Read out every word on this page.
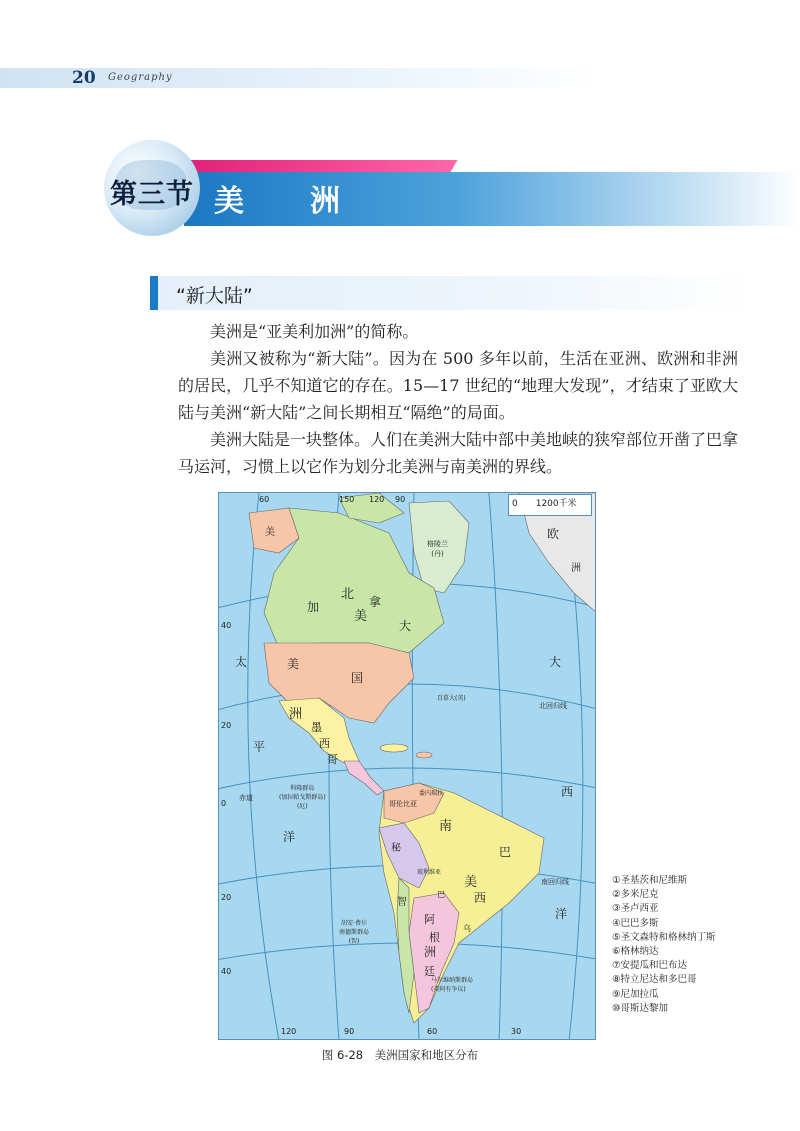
20 Geography
第三节 美　洲
“新大陆”

美洲是“亚美利加洲”的简称。

美洲又被称为“新大陆”。因为在 500 多年以前，生活在亚洲、欧洲和非洲的居民，几乎不知道它的存在。15—17 世纪的“地理大发现”，才结束了亚欧大陆与美洲“新大陆”之间长期相互“隔绝”的局面。

美洲大陆是一块整体。人们在美洲大陆中部中美地峡的狭窄部位开凿了巴拿马运河，习惯上以它作为划分北美洲与南美洲的界线。

北
美
洲
加	拿
大
美
国
太
平
洋
大
西
洋
南
美
洲
巴
西
阿
根
廷
墨
西
哥
欧
洲
美
格陵兰
(丹)
百慕大(英)
科隆群岛
(加拉帕戈斯群岛)
(厄)
胡安·费尔
南德斯群岛
(智)
马尔维纳斯群岛
(英阿有争议)
北回归线
赤道
南回归线
哥伦比亚
委内瑞拉
秘
玻利维亚
智
巴
乌
40
20
0
20
40
60	150 120 90
120	90	60	30
0　　1200千米
①圣基茨和尼维斯
②多米尼克
③圣卢西亚
④巴巴多斯
⑤圣文森特和格林纳丁斯
⑥格林纳达
⑦安提瓜和巴布达
⑧特立尼达和多巴哥
⑨尼加拉瓜
⑩哥斯达黎加
图 6-28　美洲国家和地区分布
